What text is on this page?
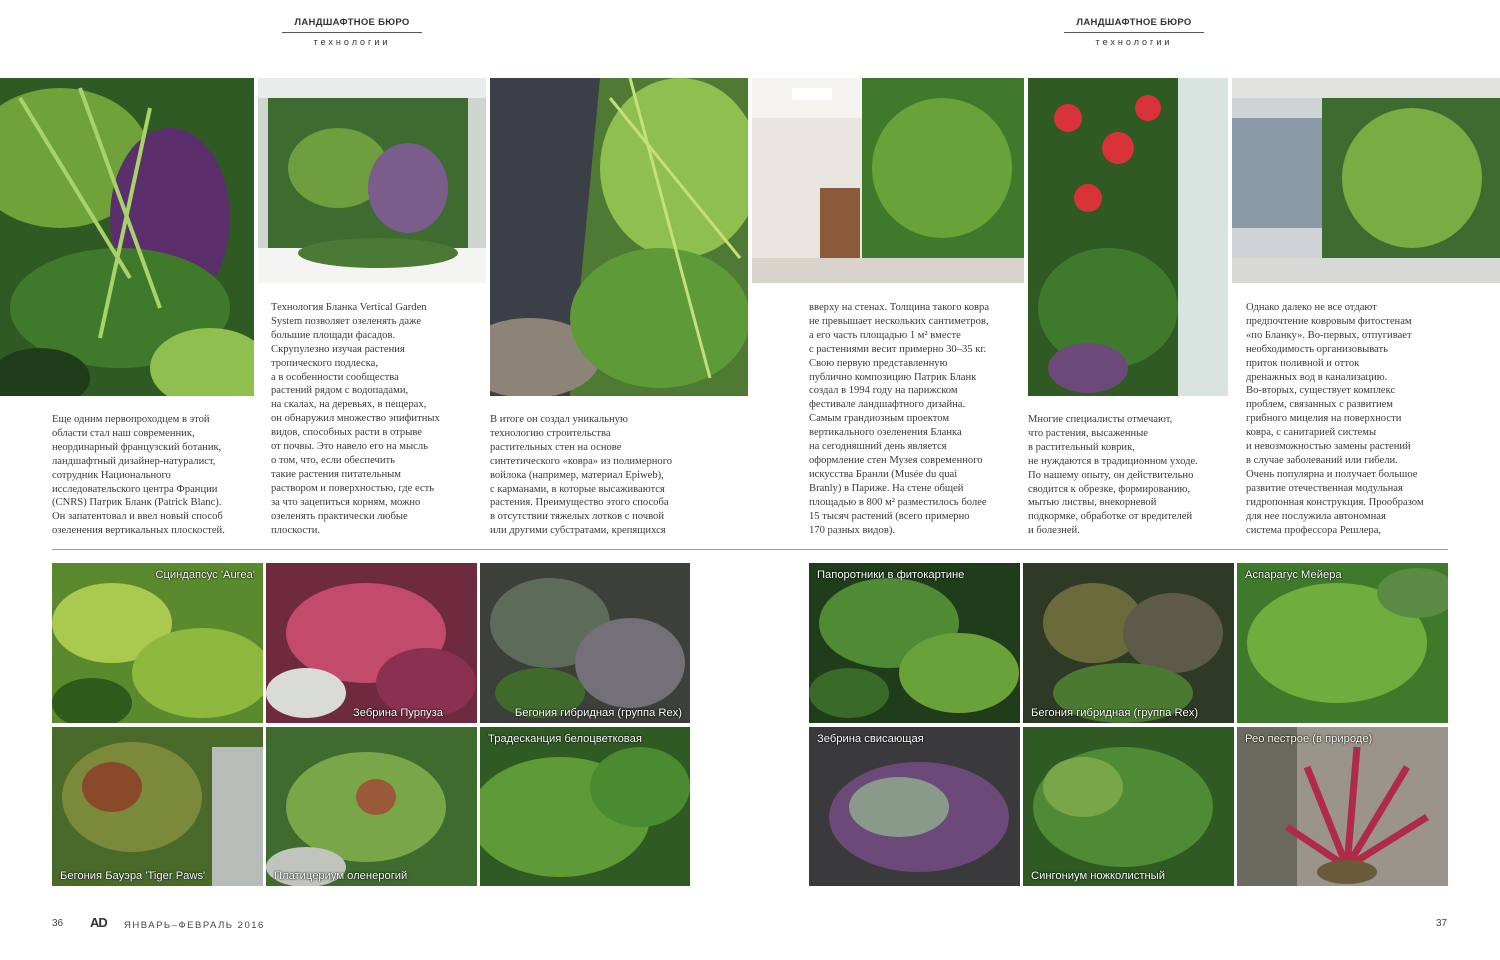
ЛАНДШАФТНОЕ БЮРО
технологии
ЛАНДШАФТНОЕ БЮРО
технологии
Еще одним первопроходцем в этой
области стал наш современник,
неординарный французский ботаник,
ландшафтный дизайнер-натуралист,
сотрудник Национального
исследовательского центра Франции
(CNRS) Патрик Бланк (Patrick Blanc).
Он запатентовал и ввел новый способ
озеленения вертикальных плоскостей.
Технология Бланка Vertical Garden
System позволяет озеленять даже
большие площади фасадов.
Скрупулезно изучая растения
тропического подлеска,
а в особенности сообщества
растений рядом с водопадами,
на скалах, на деревьях, в пещерах,
он обнаружил множество эпифитных
видов, способных расти в отрыве
от почвы. Это навело его на мысль
о том, что, если обеспечить
такие растения питательным
раствором и поверхностью, где есть
за что зацепиться корням, можно
озеленять практически любые
плоскости.
В итоге он создал уникальную
технологию строительства
растительных стен на основе
синтетического «ковра» из полимерного
войлока (например, материал Epiweb),
с карманами, в которые высаживаются
растения. Преимущество этого способа
в отсутствии тяжелых лотков с почвой
или другими субстратами, крепящихся
вверху на стенах. Толщина такого ковра
не превышает нескольких сантиметров,
а его часть площадью 1 м² вместе
с растениями весит примерно 30–35 кг.
Свою первую представленную
публично композицию Патрик Бланк
создал в 1994 году на парижском
фестивале ландшафтного дизайна.
Самым грандиозным проектом
вертикального озеленения Бланка
на сегодняшний день является
оформление стен Музея современного
искусства Бранли (Musée du quai
Branly) в Париже. На стене общей
площадью в 800 м² разместилось более
15 тысяч растений (всего примерно
170 разных видов).
Многие специалисты отмечают,
что растения, высаженные
в растительный коврик,
не нуждаются в традиционном уходе.
По нашему опыту, он действительно
сводится к обрезке, формированию,
мытью листвы, внекорневой
подкормке, обработке от вредителей
и болезней.
Однако далеко не все отдают
предпочтение ковровым фитостенам
«по Бланку». Во-первых, отпугивает
необходимость организовывать
приток поливной и отток
дренажных вод в канализацию.
Во-вторых, существует комплекс
проблем, связанных с развитием
грибного мицелия на поверхности
ковра, с санитарией системы
и невозможностью замены растений
в случае заболеваний или гибели.
Очень популярна и получает большое
развитие отечественная модульная
гидропонная конструкция. Прообразом
для нее послужила автономная
система профессора Решлера,
Сциндапсус 'Aurea'
Зебрина Пурпуза	Бегония гибридная (группа Rex)
Бегония Бауэра 'Tiger Paws'	Платицериум оленерогий
Традесканция белоцветковая
Папоротники в фитокартине
Бегония гибридная (группа Rex)
Аспарагус Мейера
Зебрина свисающая
Сингониум ножколистный
Рео пестрое (в природе)
36 AD ЯНВАРЬ–ФЕВРАЛЬ 2016	37
